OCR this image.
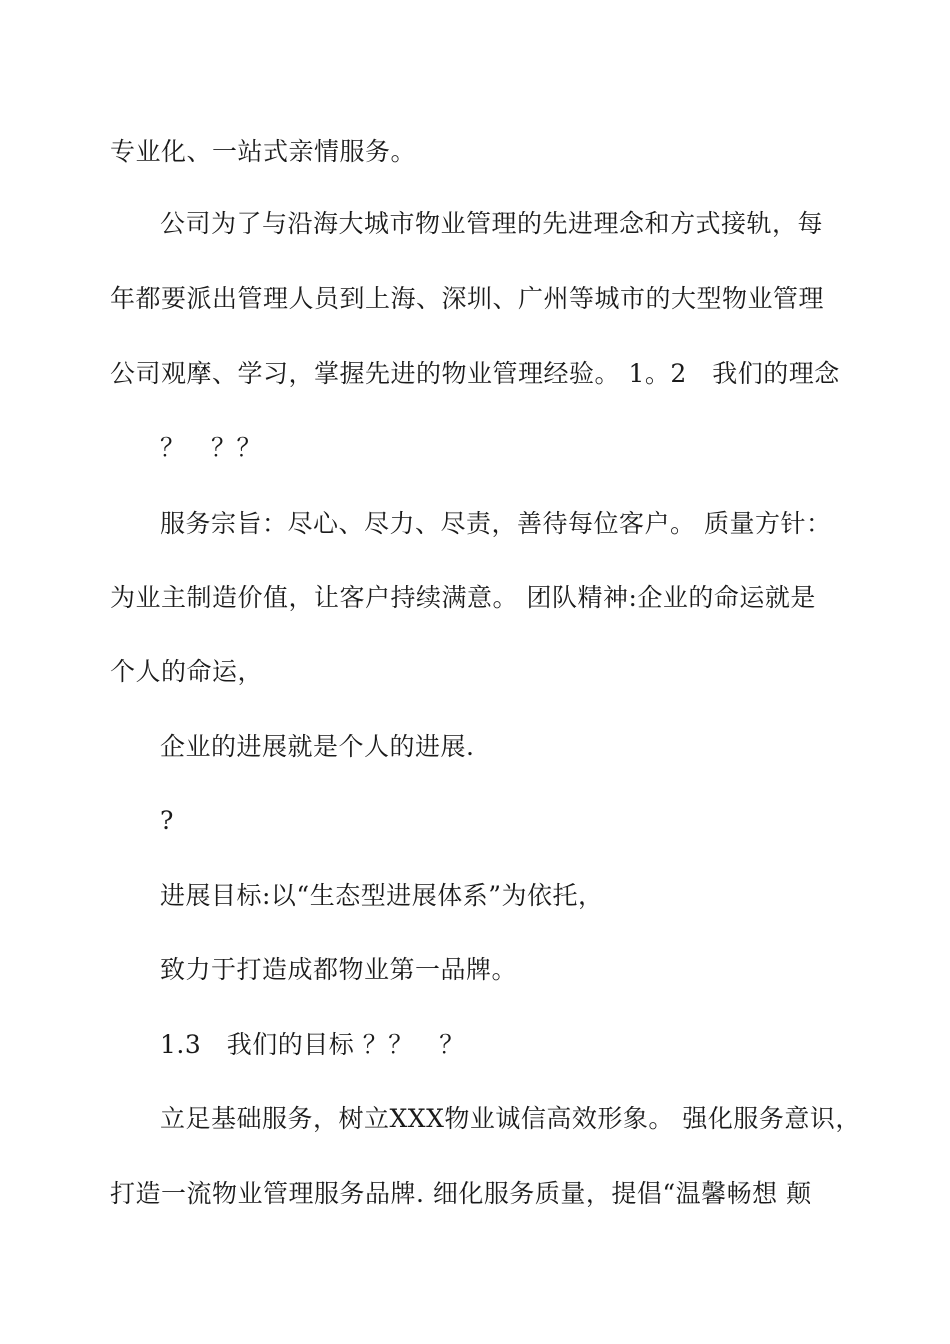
专业化、一站式亲情服务。
公司为了与沿海大城市物业管理的先进理念和方式接轨，每
年都要派出管理人员到上海、深圳、广州等城市的大型物业管理
公司观摩、学习，掌握先进的物业管理经验。 1。2　我们的理念
？　？？
服务宗旨：尽心、尽力、尽责，善待每位客户。 质量方针：
为业主制造价值，让客户持续满意。 团队精神:企业的命运就是
个人的命运，
企业的进展就是个人的进展.
?
进展目标:以“生态型进展体系”为依托，
致力于打造成都物业第一品牌。
1.3　我们的目标 ？？　？
立足基础服务，树立XXX物业诚信高效形象。 强化服务意识，
打造一流物业管理服务品牌. 细化服务质量，提倡“温馨畅想 颠
